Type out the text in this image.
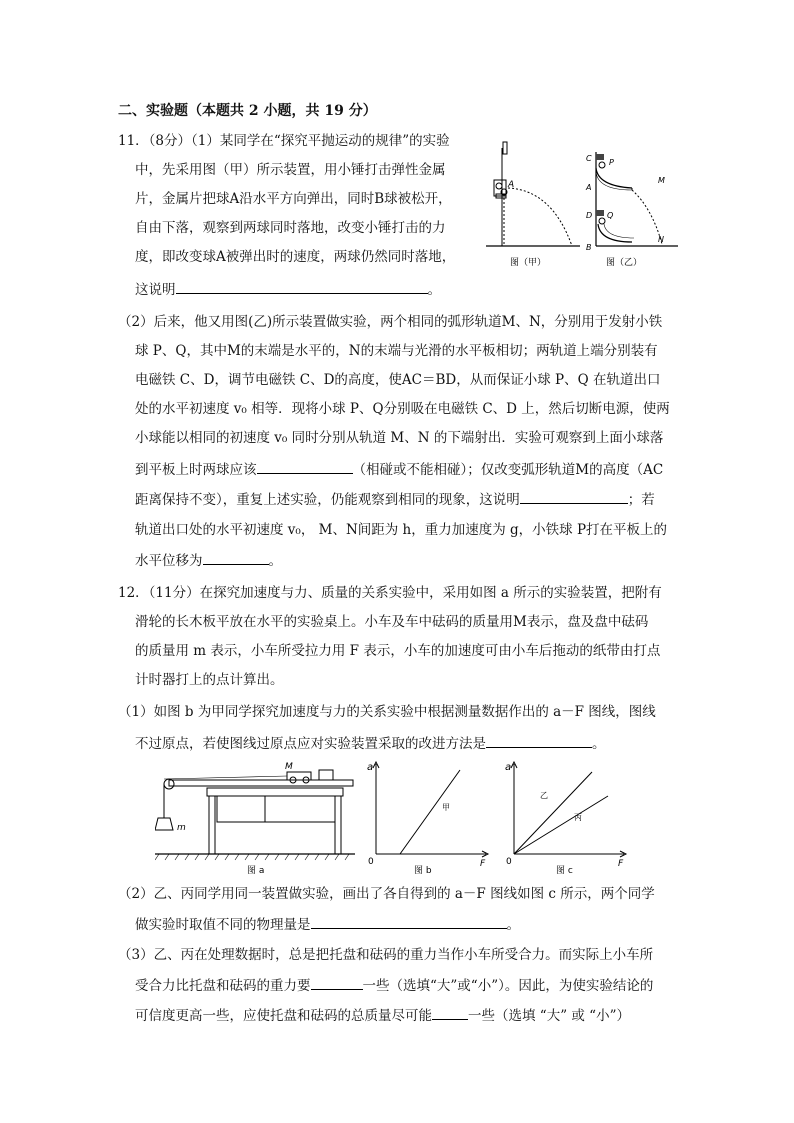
二、实验题（本题共 2 小题，共 19 分）
11．（8分）（1）某同学在“探究平抛运动的规律”的实验
中，先采用图（甲）所示装置，用小锤打击弹性金属
片，金属片把球A沿水平方向弹出，同时B球被松开，
自由下落，观察到两球同时落地，改变小锤打击的力
度，即改变球A被弹出时的速度，两球仍然同时落地，
这说明	。
A
图（甲）
C P
A
M
D Q
B
N
图（乙）
（2）后来，他又用图(乙)所示装置做实验，两个相同的弧形轨道M、N，分别用于发射小铁
球 P、Q，其中M的末端是水平的，N的末端与光滑的水平板相切；两轨道上端分别装有
电磁铁 C、D，调节电磁铁 C、D的高度，使AC＝BD，从而保证小球 P、Q 在轨道出口
处的水平初速度 v₀ 相等．现将小球 P、Q分别吸在电磁铁 C、D 上，然后切断电源，使两
小球能以相同的初速度 v₀ 同时分别从轨道 M、N 的下端射出．实验可观察到上面小球落
到平板上时两球应该	（相碰或不能相碰）；仅改变弧形轨道M的高度（AC
距离保持不变），重复上述实验，仍能观察到相同的现象，这说明	；若
轨道出口处的水平初速度 v₀， M、N间距为 h，重力加速度为 g，小铁球 P打在平板上的
水平位移为	。
12．（11分）在探究加速度与力、质量的关系实验中，采用如图 a 所示的实验装置，把附有
滑轮的长木板平放在水平的实验桌上。小车及车中砝码的质量用M表示，盘及盘中砝码
的质量用 m 表示，小车所受拉力用 F 表示，小车的加速度可由小车后拖动的纸带由打点
计时器打上的点计算出。
（1）如图 b 为甲同学探究加速度与力的关系实验中根据测量数据作出的 a－F 图线，图线
不过原点，若使图线过原点应对实验装置采取的改进方法是	。
m
M
图 a
a
F
0
甲
图 b
a
F
0
乙
丙
图 c
（2）乙、丙同学用同一装置做实验，画出了各自得到的 a－F 图线如图 c 所示，两个同学
做实验时取值不同的物理量是	。
（3）乙、丙在处理数据时，总是把托盘和砝码的重力当作小车所受合力。而实际上小车所
受合力比托盘和砝码的重力要	一些（选填“大”或“小”）。因此，为使实验结论的
可信度更高一些，应使托盘和砝码的总质量尽可能	一些（选填 “大” 或 “小”）
